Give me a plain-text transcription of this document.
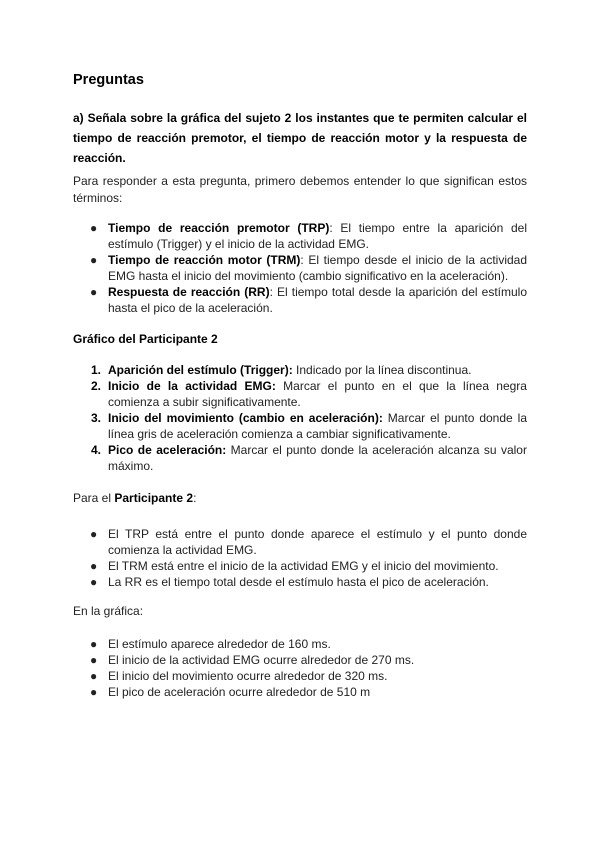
Preguntas
a) Señala sobre la gráfica del sujeto 2 los instantes que te permiten calcular el tiempo de reacción premotor, el tiempo de reacción motor y la respuesta de reacción.
Para responder a esta pregunta, primero debemos entender lo que significan estos términos:
● Tiempo de reacción premotor (TRP): El tiempo entre la aparición del estímulo (Trigger) y el inicio de la actividad EMG.
● Tiempo de reacción motor (TRM): El tiempo desde el inicio de la actividad EMG hasta el inicio del movimiento (cambio significativo en la aceleración).
● Respuesta de reacción (RR): El tiempo total desde la aparición del estímulo hasta el pico de la aceleración.
Gráfico del Participante 2
1. Aparición del estímulo (Trigger): Indicado por la línea discontinua.
2. Inicio de la actividad EMG: Marcar el punto en el que la línea negra comienza a subir significativamente.
3. Inicio del movimiento (cambio en aceleración): Marcar el punto donde la línea gris de aceleración comienza a cambiar significativamente.
4. Pico de aceleración: Marcar el punto donde la aceleración alcanza su valor máximo.
Para el Participante 2:
● El TRP está entre el punto donde aparece el estímulo y el punto donde comienza la actividad EMG.
● El TRM está entre el inicio de la actividad EMG y el inicio del movimiento.
● La RR es el tiempo total desde el estímulo hasta el pico de aceleración.
En la gráfica:
● El estímulo aparece alrededor de 160 ms.
● El inicio de la actividad EMG ocurre alrededor de 270 ms.
● El inicio del movimiento ocurre alrededor de 320 ms.
● El pico de aceleración ocurre alrededor de 510 m
